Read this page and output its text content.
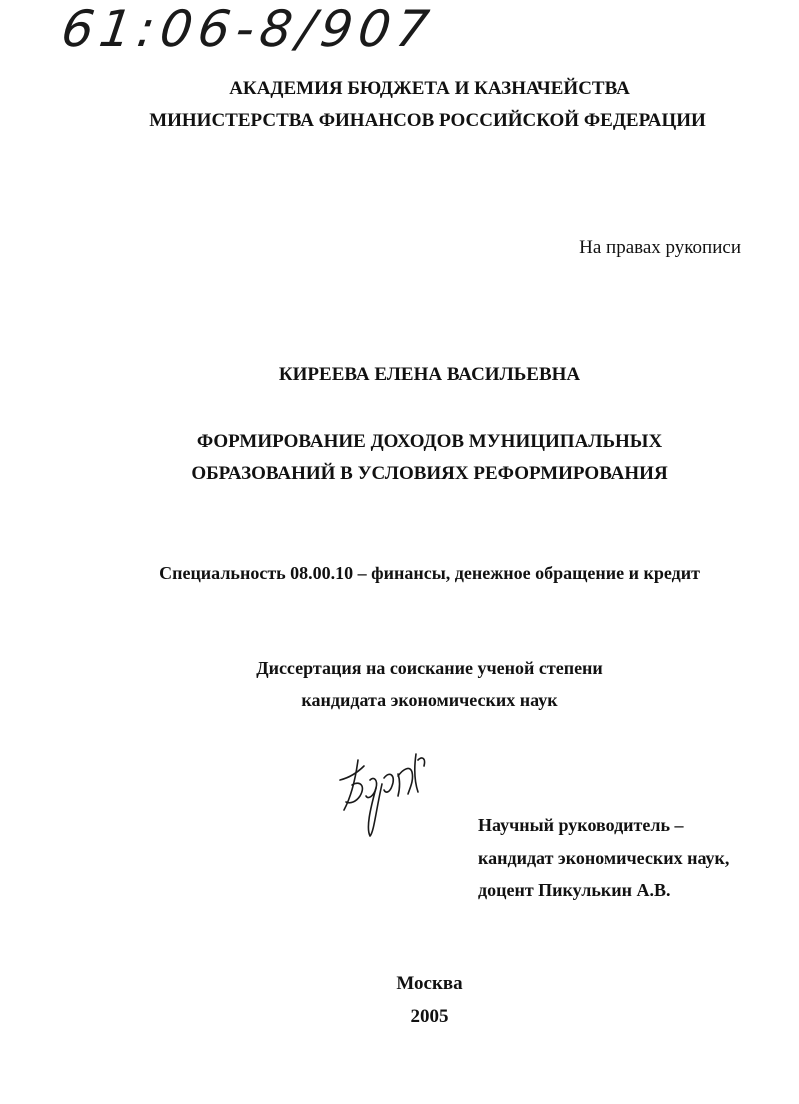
61:06-8/907
АКАДЕМИЯ БЮДЖЕТА И КАЗНАЧЕЙСТВА
МИНИСТЕРСТВА ФИНАНСОВ РОССИЙСКОЙ ФЕДЕРАЦИИ
На правах рукописи
КИРЕЕВА ЕЛЕНА ВАСИЛЬЕВНА
ФОРМИРОВАНИЕ ДОХОДОВ МУНИЦИПАЛЬНЫХ
ОБРАЗОВАНИЙ В УСЛОВИЯХ РЕФОРМИРОВАНИЯ
Специальность 08.00.10 – финансы, денежное обращение и кредит
Диссертация на соискание ученой степени
кандидата экономических наук
Научный руководитель –
кандидат экономических наук,
доцент Пикулькин А.В.
Москва
2005
